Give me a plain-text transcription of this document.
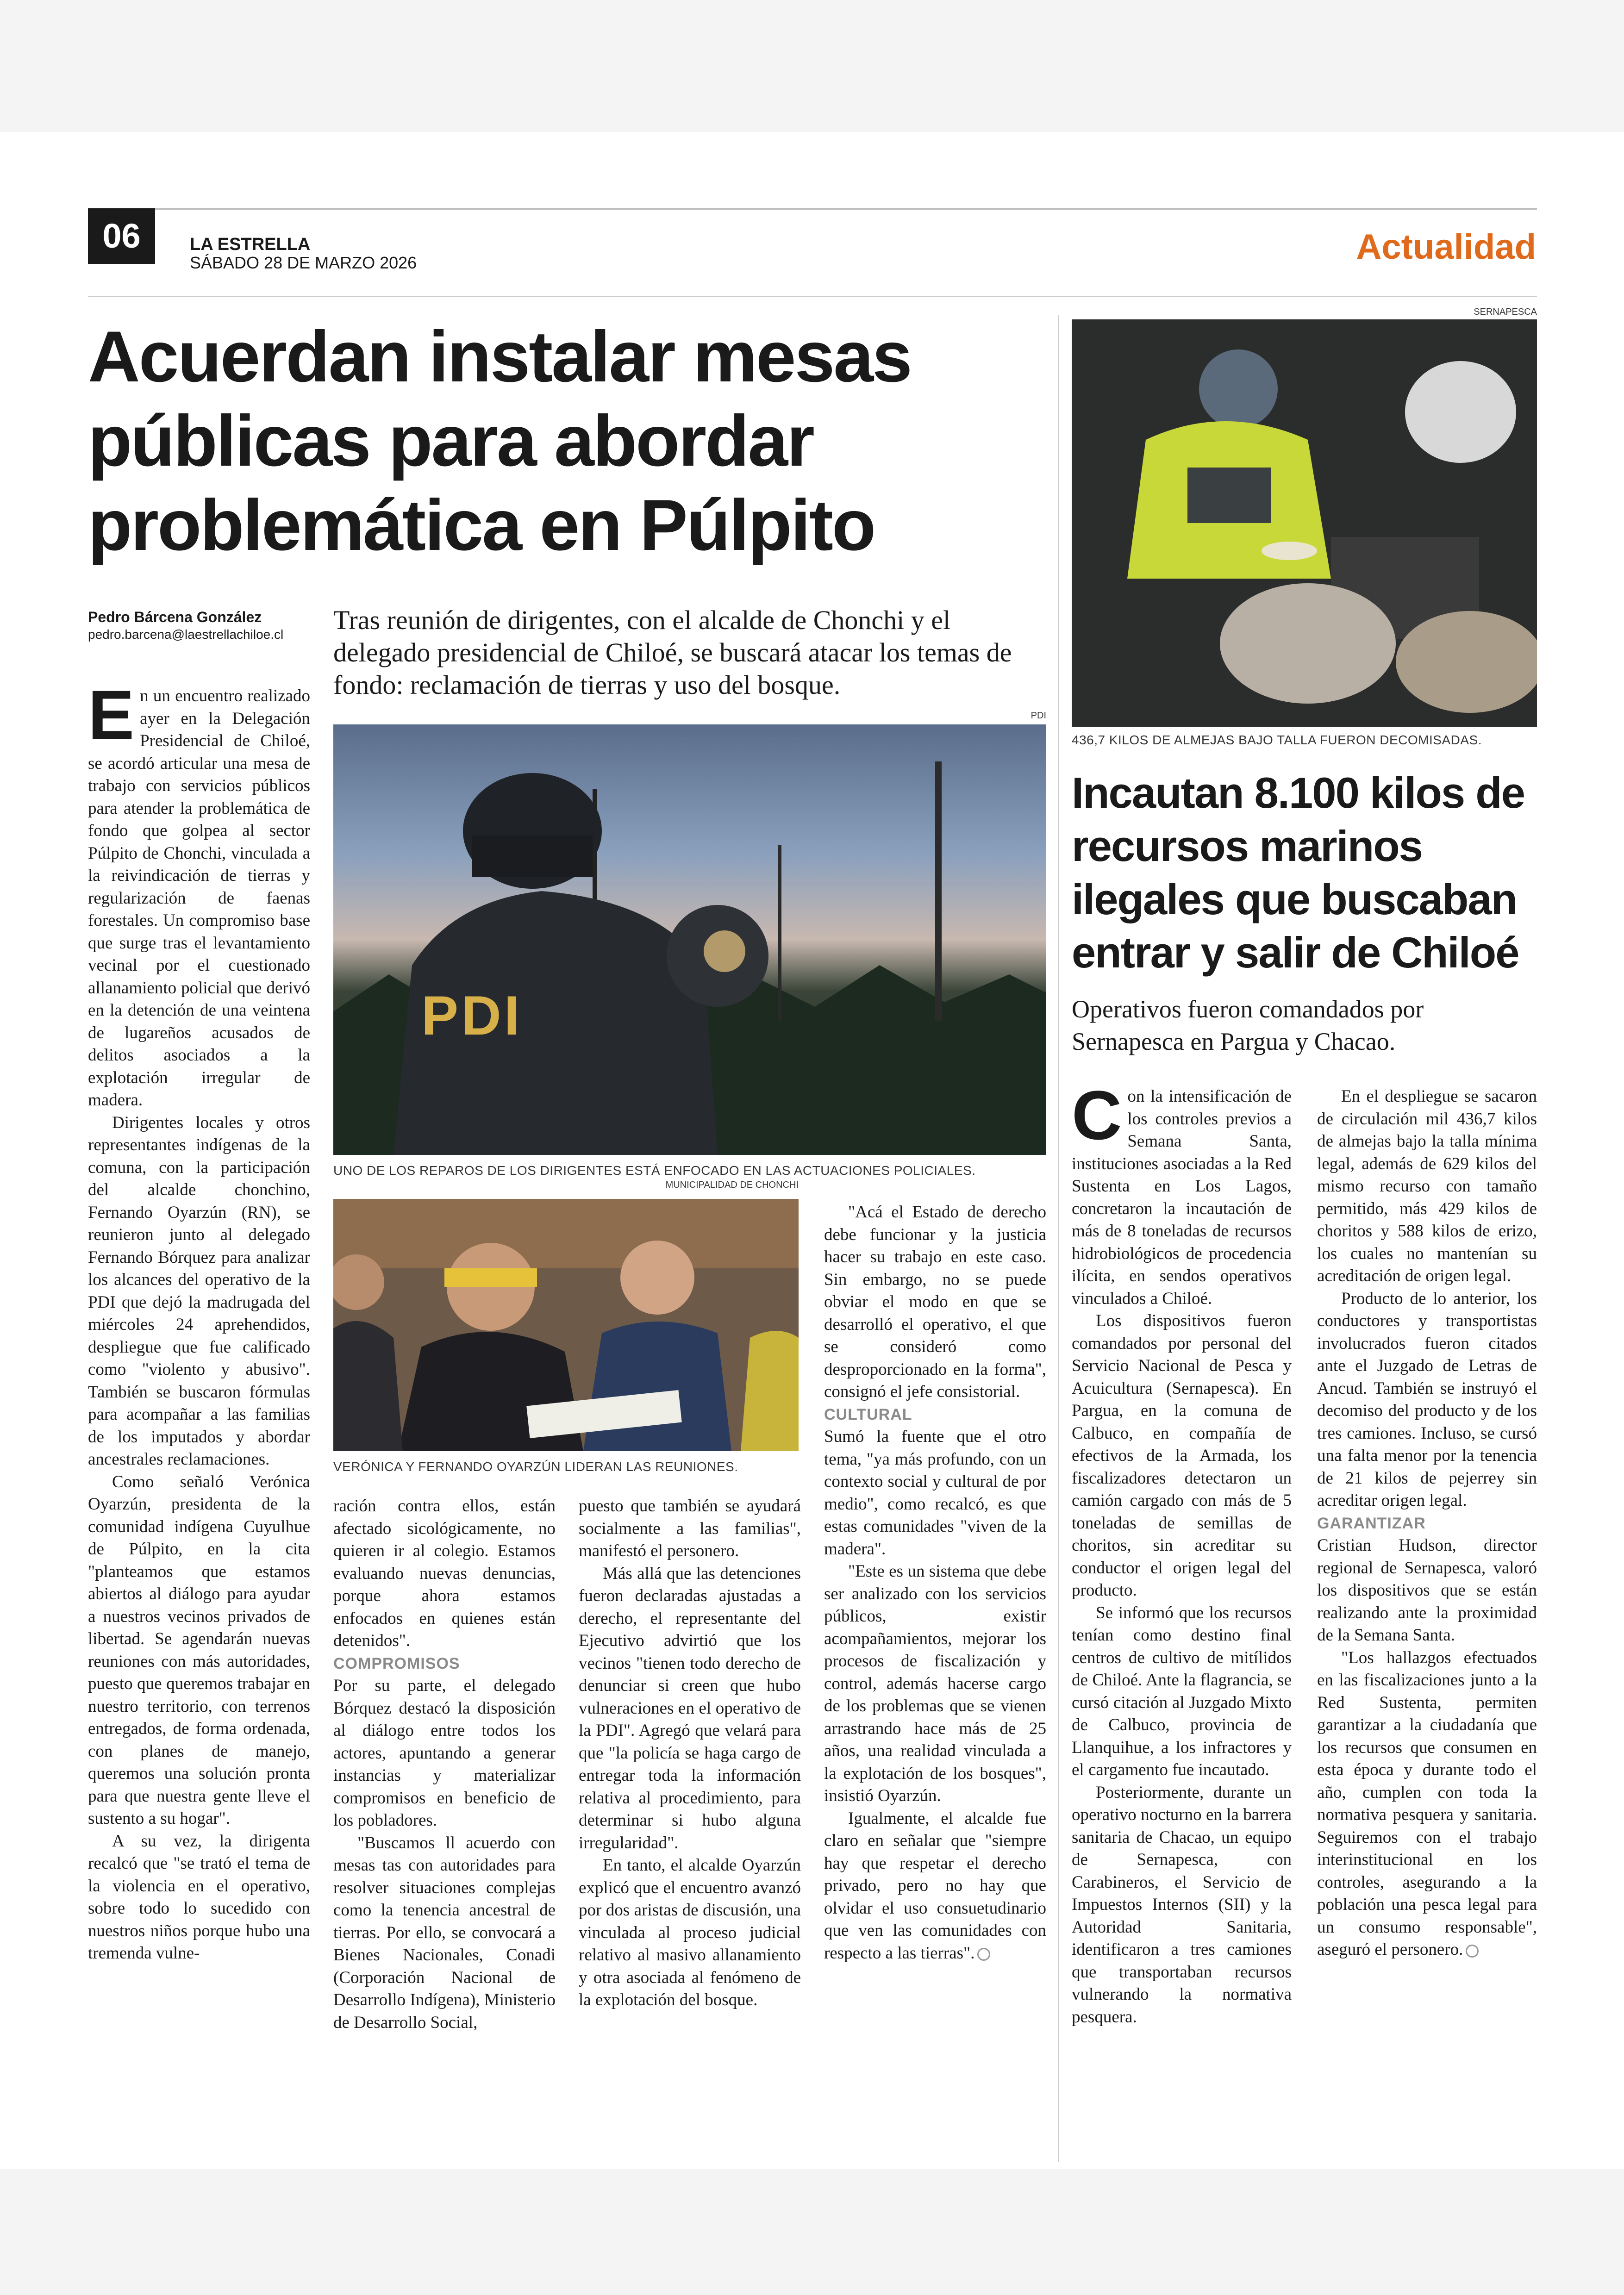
06	LA ESTRELLA
SÁBADO 28 DE MARZO 2026	Actualidad
Acuerdan instalar mesas públicas para abordar problemática en Púlpito
Pedro Bárcena González
pedro.barcena@laestrellachiloe.cl Tras reunión de dirigentes, con el alcalde de Chonchi y el delegado presidencial de Chiloé, se buscará atacar los temas de fondo: reclamación de tierras y uso del bosque.
PDI
PDI
UNO DE LOS REPAROS DE LOS DIRIGENTES ESTÁ ENFOCADO EN LAS ACTUACIONES POLICIALES.
MUNICIPALIDAD DE CHONCHI
VERÓNICA Y FERNANDO OYARZÚN LIDERAN LAS REUNIONES.

En un encuentro realizado ayer en la Delegación Presidencial de Chiloé, se acordó articular una mesa de trabajo con servicios públicos para atender la problemática de fondo que golpea al sector Púlpito de Chonchi, vinculada a la reivindicación de tierras y regularización de faenas forestales. Un compromiso base que surge tras el levantamiento vecinal por el cuestionado allanamiento policial que derivó en la detención de una veintena de lugareños acusados de delitos asociados a la explotación irregular de madera.

Dirigentes locales y otros representantes indígenas de la comuna, con la participación del alcalde chonchino, Fernando Oyarzún (RN), se reunieron junto al delegado Fernando Bórquez para analizar los alcances del operativo de la PDI que dejó la madrugada del miércoles 24 aprehendidos, despliegue que fue calificado como "violento y abusivo". También se buscaron fórmulas para acompañar a las familias de los imputados y abordar ancestrales reclamaciones.

Como señaló Verónica Oyarzún, presidenta de la comunidad indígena Cuyulhue de Púlpito, en la cita "planteamos que estamos abiertos al diálogo para ayudar a nuestros vecinos privados de libertad. Se agendarán nuevas reuniones con más autoridades, puesto que queremos trabajar en nuestro territorio, con terrenos entregados, de forma ordenada, con planes de manejo, queremos una solución pronta para que nuestra gente lleve el sustento a su hogar".

A su vez, la dirigenta recalcó que "se trató el tema de la violencia en el operativo, sobre todo lo sucedido con nuestros niños porque hubo una tremenda vulne-

ración contra ellos, están afectado sicológicamente, no quieren ir al colegio. Estamos evaluando nuevas denuncias, porque ahora estamos enfocados en quienes están detenidos".

COMPROMISOS

Por su parte, el delegado Bórquez destacó la disposición al diálogo entre todos los actores, apuntando a generar instancias y materializar compromisos en beneficio de los pobladores.

"Buscamos ll acuerdo con mesas tas con autoridades para resolver situaciones complejas como la tenencia ancestral de tierras. Por ello, se convocará a Bienes Nacionales, Conadi (Corporación Nacional de Desarrollo Indígena), Ministerio de Desarrollo Social,

puesto que también se ayudará socialmente a las familias", manifestó el personero.

Más allá que las detenciones fueron declaradas ajustadas a derecho, el representante del Ejecutivo advirtió que los vecinos "tienen todo derecho de denunciar si creen que hubo vulneraciones en el operativo de la PDI". Agregó que velará para que "la policía se haga cargo de entregar toda la información relativa al procedimiento, para determinar si hubo alguna irregularidad".

En tanto, el alcalde Oyarzún explicó que el encuentro avanzó por dos aristas de discusión, una vinculada al proceso judicial relativo al masivo allanamiento y otra asociada al fenómeno de la explotación del bosque.

"Acá el Estado de derecho debe funcionar y la justicia hacer su trabajo en este caso. Sin embargo, no se puede obviar el modo en que se desarrolló el operativo, el que se consideró como desproporcionado en la forma", consignó el jefe consistorial.

CULTURAL

Sumó la fuente que el otro tema, "ya más profundo, con un contexto social y cultural de por medio", como recalcó, es que estas comunidades "viven de la madera".

"Este es un sistema que debe ser analizado con los servicios públicos, existir acompañamientos, mejorar los procesos de fiscalización y control, además hacerse cargo de los problemas que se vienen arrastrando hace más de 25 años, una realidad vinculada a la explotación de los bosques", insistió Oyarzún.

Igualmente, el alcalde fue claro en señalar que "siempre hay que respetar el derecho privado, pero no hay que olvidar el uso consuetudinario que ven las comunidades con respecto a las tierras".

SERNAPESCA
436,7 KILOS DE ALMEJAS BAJO TALLA FUERON DECOMISADAS.
Incautan 8.100 kilos de recursos marinos ilegales que buscaban entrar y salir de Chiloé
Operativos fueron comandados por Sernapesca en Pargua y Chacao.

Con la intensificación de los controles previos a Semana Santa, instituciones asociadas a la Red Sustenta en Los Lagos, concretaron la incautación de más de 8 toneladas de recursos hidrobiológicos de procedencia ilícita, en sendos operativos vinculados a Chiloé.

Los dispositivos fueron comandados por personal del Servicio Nacional de Pesca y Acuicultura (Sernapesca). En Pargua, en la comuna de Calbuco, en compañía de efectivos de la Armada, los fiscalizadores detectaron un camión cargado con más de 5 toneladas de semillas de choritos, sin acreditar su conductor el origen legal del producto.

Se informó que los recursos tenían como destino final centros de cultivo de mitílidos de Chiloé. Ante la flagrancia, se cursó citación al Juzgado Mixto de Calbuco, provincia de Llanquihue, a los infractores y el cargamento fue incautado.

Posteriormente, durante un operativo nocturno en la barrera sanitaria de Chacao, un equipo de Sernapesca, con Carabineros, el Servicio de Impuestos Internos (SII) y la Autoridad Sanitaria, identificaron a tres camiones que transportaban recursos vulnerando la normativa pesquera.

En el despliegue se sacaron de circulación mil 436,7 kilos de almejas bajo la talla mínima legal, además de 629 kilos del mismo recurso con tamaño permitido, más 429 kilos de choritos y 588 kilos de erizo, los cuales no mantenían su acreditación de origen legal.

Producto de lo anterior, los conductores y transportistas involucrados fueron citados ante el Juzgado de Letras de Ancud. También se instruyó el decomiso del producto y de los tres camiones. Incluso, se cursó una falta menor por la tenencia de 21 kilos de pejerrey sin acreditar origen legal.

GARANTIZAR

Cristian Hudson, director regional de Sernapesca, valoró los dispositivos que se están realizando ante la proximidad de la Semana Santa.

"Los hallazgos efectuados en las fiscalizaciones junto a la Red Sustenta, permiten garantizar a la ciudadanía que los recursos que consumen en esta época y durante todo el año, cumplen con toda la normativa pesquera y sanitaria. Seguiremos con el trabajo interinstitucional en los controles, asegurando a la población una pesca legal para un consumo responsable", aseguró el personero.
